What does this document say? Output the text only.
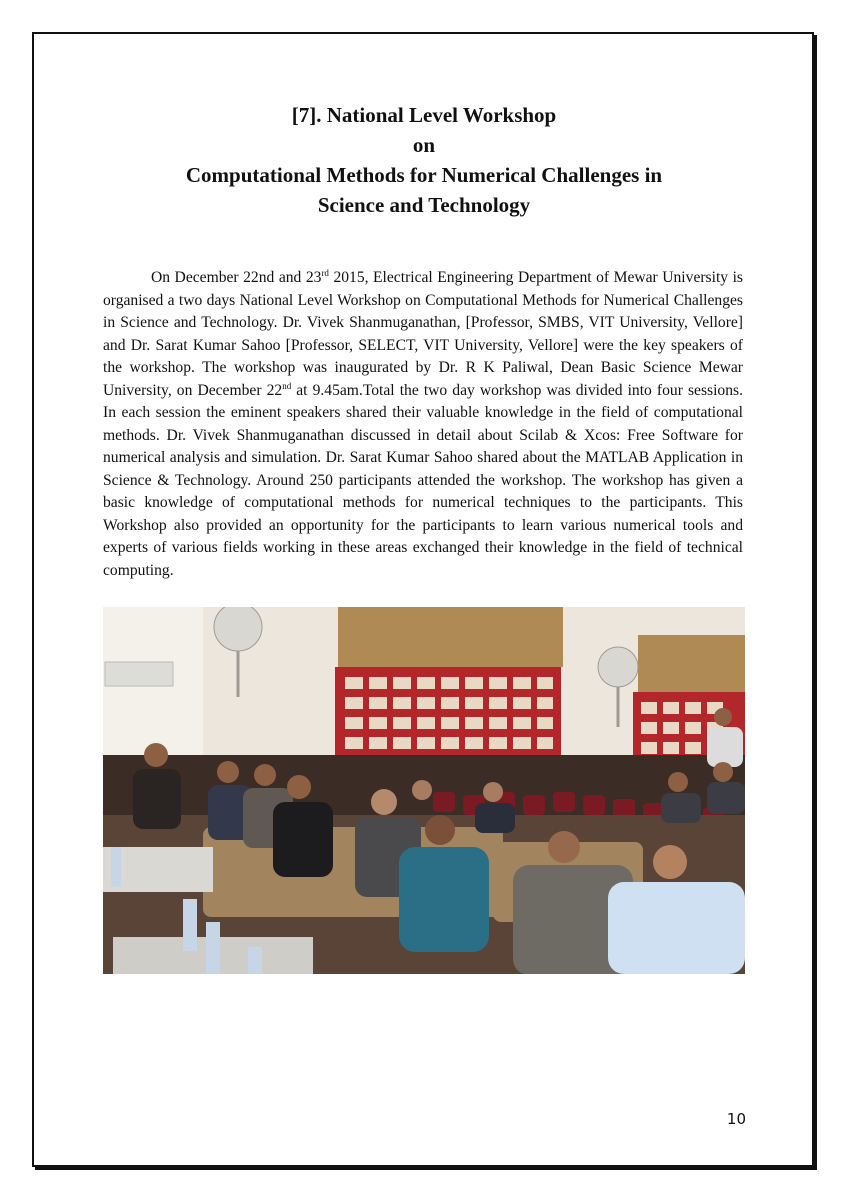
[7]. National Level Workshop
on
Computational Methods for Numerical Challenges in
Science and Technology

On December 22nd and 23rd 2015, Electrical Engineering Department of Mewar University is organised a two days National Level Workshop on Computational Methods for Numerical Challenges in Science and Technology. Dr. Vivek Shanmuganathan, [Professor, SMBS, VIT University, Vellore] and Dr. Sarat Kumar Sahoo [Professor, SELECT, VIT University, Vellore] were the key speakers of the workshop. The workshop was inaugurated by Dr. R K Paliwal, Dean Basic Science Mewar University, on December 22nd at 9.45am.Total the two day workshop was divided into four sessions. In each session the eminent speakers shared their valuable knowledge in the field of computational methods. Dr. Vivek Shanmuganathan discussed in detail about Scilab & Xcos: Free Software for numerical analysis and simulation. Dr. Sarat Kumar Sahoo shared about the MATLAB Application in Science & Technology. Around 250 participants attended the workshop. The workshop has given a basic knowledge of computational methods for numerical techniques to the participants. This Workshop also provided an opportunity for the participants to learn various numerical tools and experts of various fields working in these areas exchanged their knowledge in the field of technical computing.

10
